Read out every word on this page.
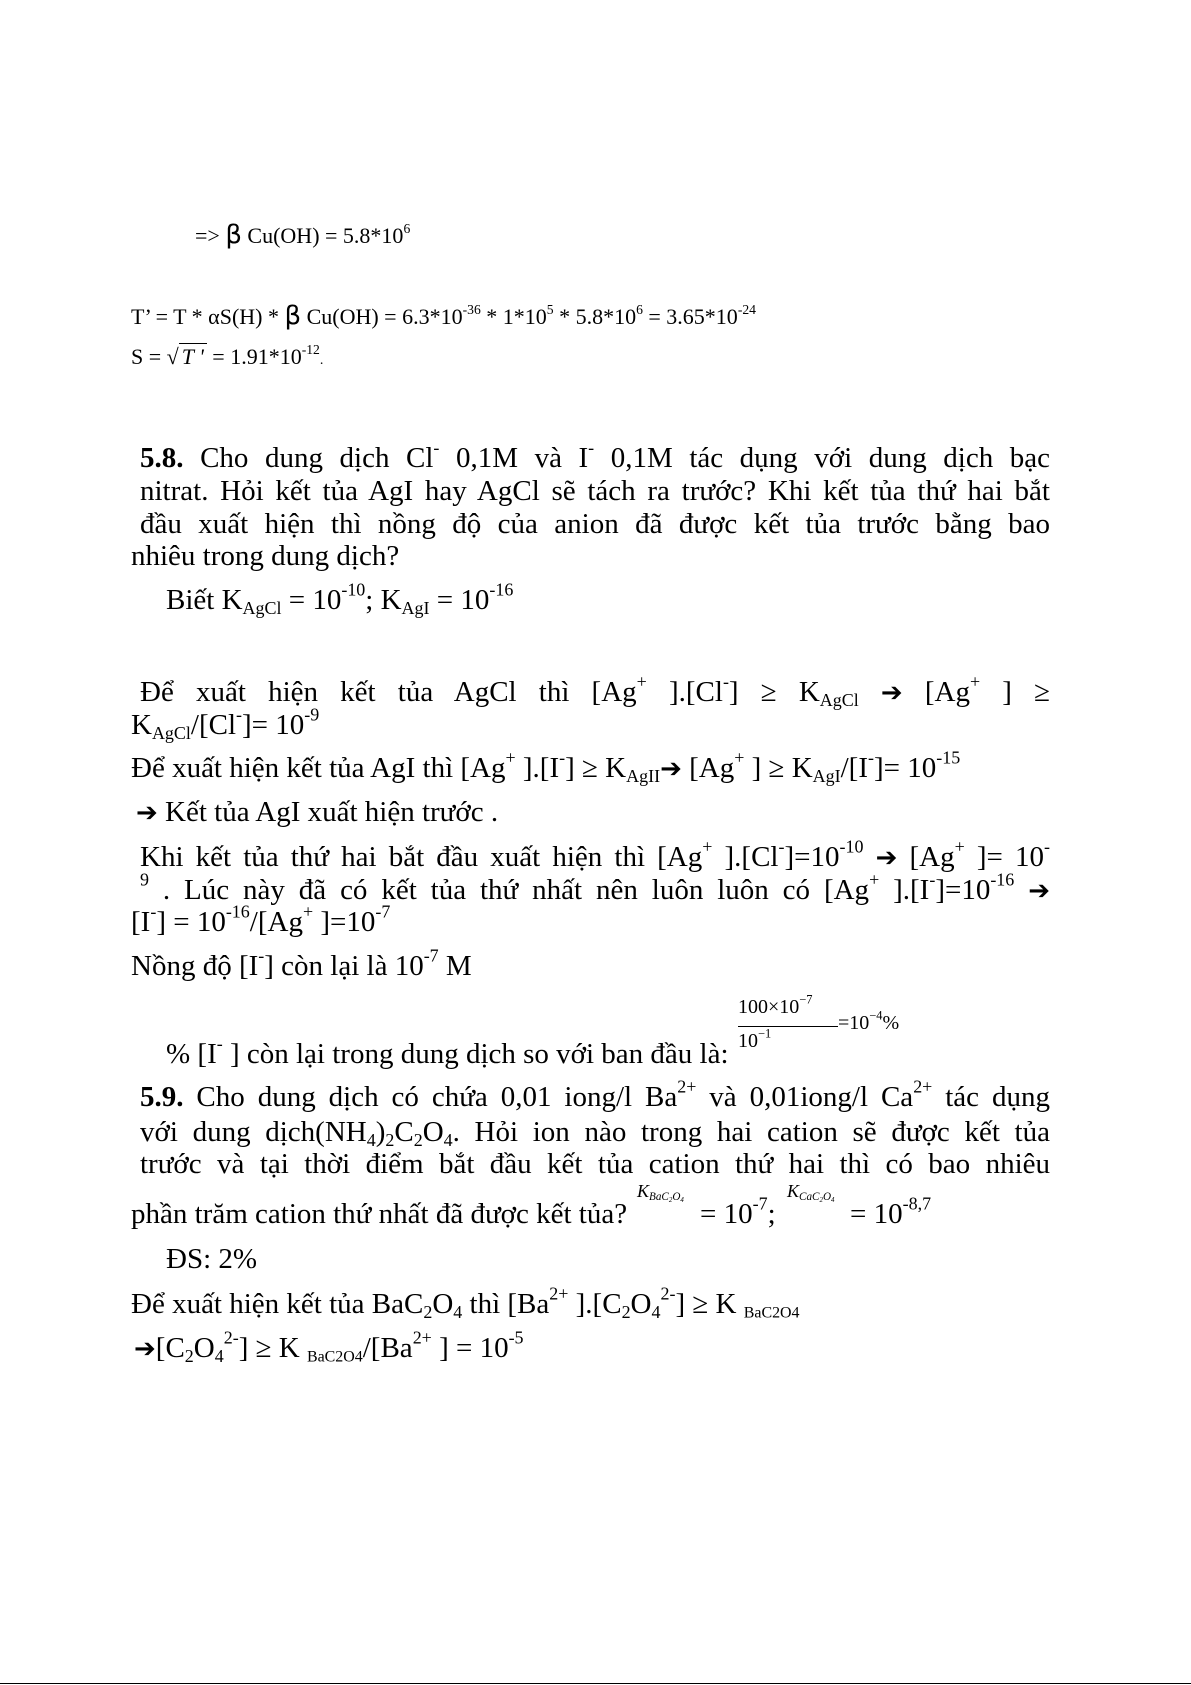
=> β $Cu(OH) = 5.8*10^6$
T’ = T * αS(H) * β $Cu(OH) = 6.3*10^{-36} * 1*10^5 * 5.8*10^6 = 3.65*10^{-24}$
S = √ T ' = $1.91*10^{-12}$.
5.8. Cho dung dịch Cl- 0,1M và I- 0,1M tác dụng với dung dịch bạc
nitrat. Hỏi kết tủa AgI hay AgCl sẽ tách ra trước? Khi kết tủa thứ hai bắt
đầu xuất hiện thì nồng độ của anion đã được kết tủa trước bằng bao
nhiêu trong dung dịch?
Biết $K_{AgCl} = 10^{-10}$; $K_{AgI} = 10^{-16}$
Để xuất hiện kết tủa AgCl thì [Ag+ ]$.[Cl^-] \ge K_{AgCl}$ ➔ [Ag+ ] ≥
$K_{AgCl}/[Cl^-]= 10^{-9}$
Để xuất hiện kết tủa AgI thì [Ag+ ]$.[I^-] \ge K_{AgII}➔$ [Ag+ ] ≥ $K_{AgI}/[I^-]= 10^{-15}$
➔ Kết tủa AgI xuất hiện trước .
Khi kết tủa thứ hai bắt đầu xuất hiện thì [Ag+ ]$.[Cl^-]=10^{-10}$ ➔ [Ag+ ]= 10-
$^9$ . Lúc này đã có kết tủa thứ nhất nên luôn luôn có [Ag+ ]$.[I^-]=10^{-16}$ ➔
$[I^-] = 10^{-16}/[Ag^+$ ]$=10^{-7}$
Nồng độ [I-] còn lại là $10^{-7}$ M
% [I- ] còn lại trong dung dịch so với ban đầu là:
$100\times 10^{-7}$
$10^{-1}$	$=10^{-4}\%$
5.9. Cho dung dịch có chứa 0,01 iong/l $Ba^{2+}$ và 0,01iong/l $Ca^{2+}$ tác dụng
với dung $dịch(NH_4)_2C_2O_4$. Hỏi ion nào trong hai cation sẽ được kết tủa
trước và tại thời điểm bắt đầu kết tủa cation thứ hai thì có bao nhiêu
phần trăm cation thứ nhất đã được kết tủa?
$K_{BaC_2O_4} = 10^{-7}$;
$K_{CaC_2O_4} = 10^{-8,7}$
ĐS: 2%
Để xuất hiện kết tủa $BaC_2O_4$ thì [$Ba^{2+}$ ]$.[C_2O_4^{2-}] \ge K$ $_{BaC2O4}$
$➔[C_2O_4^{2-}] \ge K$ $_{BaC2O4}/[Ba^{2+}$ ] = $10^{-5}$
